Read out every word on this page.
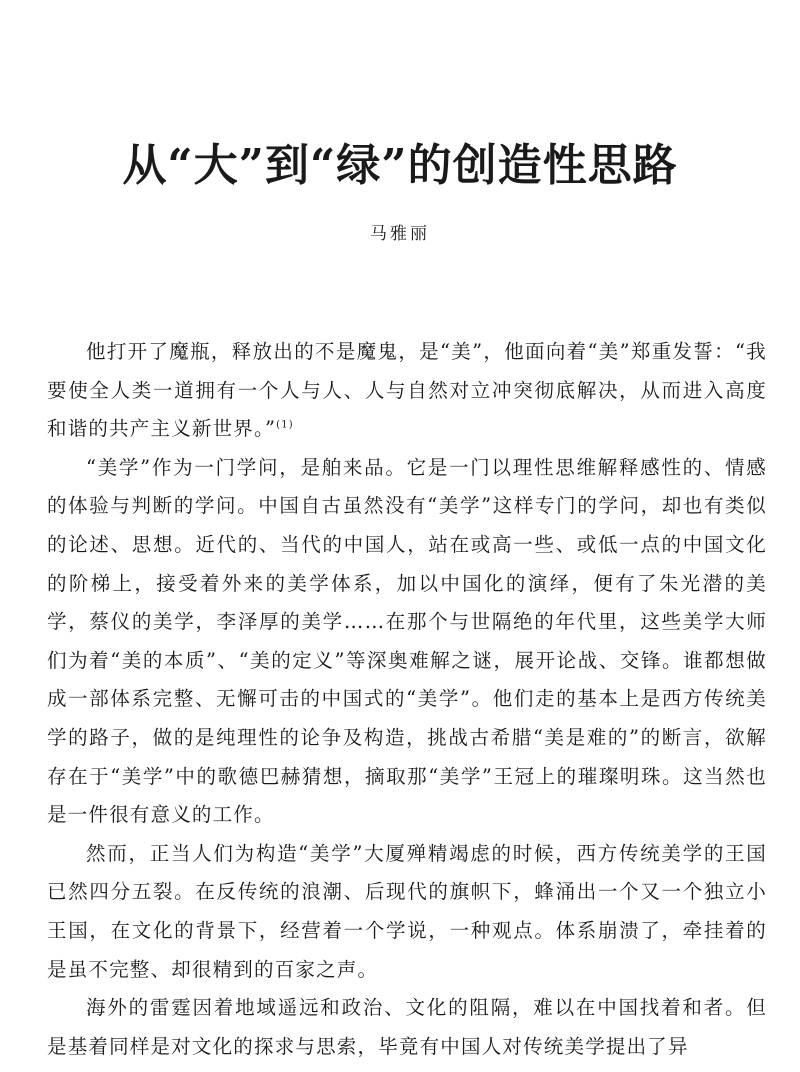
从“大”到“绿”的创造性思路
马雅丽

他打开了魔瓶，释放出的不是魔鬼，是“美”，他面向着“美”郑重发誓：“我要使全人类一道拥有一个人与人、人与自然对立冲突彻底解决，从而进入高度和谐的共产主义新世界。”$^{(1)}$

“美学”作为一门学问，是舶来品。它是一门以理性思维解释感性的、情感的体验与判断的学问。中国自古虽然没有“美学”这样专门的学问，却也有类似的论述、思想。近代的、当代的中国人，站在或高一些、或低一点的中国文化的阶梯上，接受着外来的美学体系，加以中国化的演绎，便有了朱光潜的美学，蔡仪的美学，李泽厚的美学……在那个与世隔绝的年代里，这些美学大师们为着“美的本质”、“美的定义”等深奥难解之谜，展开论战、交锋。谁都想做成一部体系完整、无懈可击的中国式的“美学”。他们走的基本上是西方传统美学的路子，做的是纯理性的论争及构造，挑战古希腊“美是难的”的断言，欲解存在于“美学”中的歌德巴赫猜想，摘取那“美学”王冠上的璀璨明珠。这当然也是一件很有意义的工作。

然而，正当人们为构造“美学”大厦殚精竭虑的时候，西方传统美学的王国已然四分五裂。在反传统的浪潮、后现代的旗帜下，蜂涌出一个又一个独立小王国，在文化的背景下，经营着一个学说，一种观点。体系崩溃了，牵挂着的是虽不完整、却很精到的百家之声。

海外的雷霆因着地域遥远和政治、文化的阻隔，难以在中国找着和者。但是基着同样是对文化的探求与思索，毕竟有中国人对传统美学提出了异
